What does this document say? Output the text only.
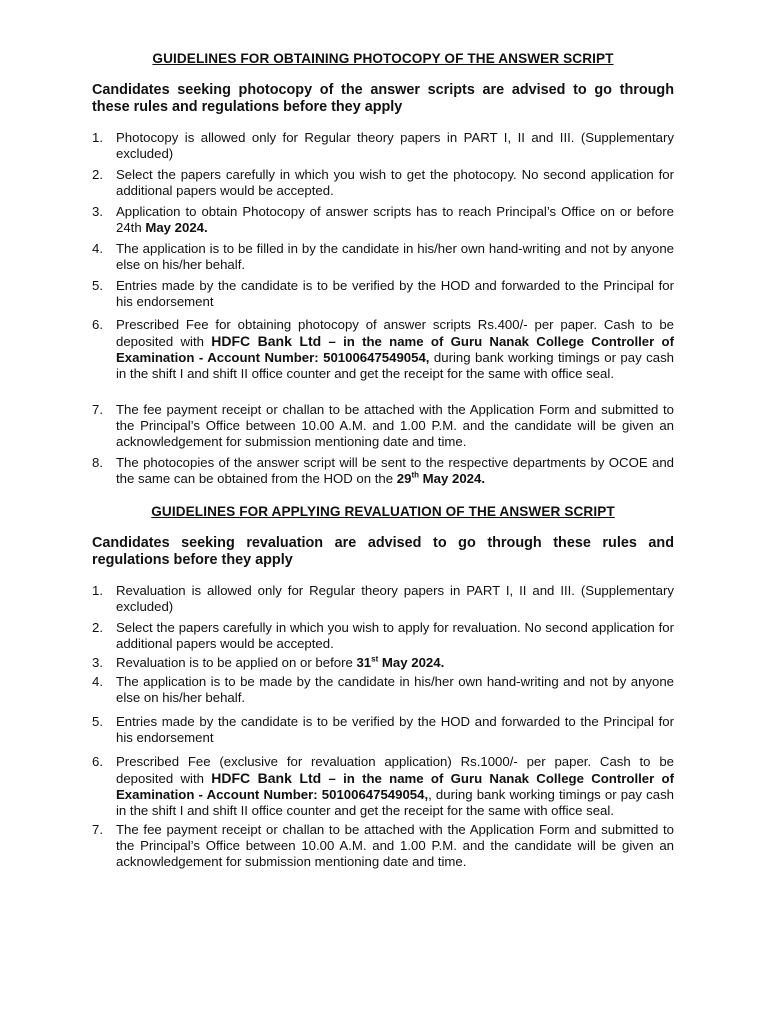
GUIDELINES FOR OBTAINING PHOTOCOPY OF THE ANSWER SCRIPT

Candidates seeking photocopy of the answer scripts are advised to go through these rules and regulations before they apply

1. Photocopy is allowed only for Regular theory papers in PART I, II and III. (Supplementary excluded)
2. Select the papers carefully in which you wish to get the photocopy. No second application for additional papers would be accepted.
3. Application to obtain Photocopy of answer scripts has to reach Principal’s Office on or before 24th May 2024.
4. The application is to be filled in by the candidate in his/her own hand-writing and not by anyone else on his/her behalf.
5. Entries made by the candidate is to be verified by the HOD and forwarded to the Principal for his endorsement
6. Prescribed Fee for obtaining photocopy of answer scripts Rs.400/- per paper. Cash to be deposited with HDFC Bank Ltd – in the name of Guru Nanak College Controller of Examination - Account Number: 50100647549054, during bank working timings or pay cash in the shift I and shift II office counter and get the receipt for the same with office seal.
7. The fee payment receipt or challan to be attached with the Application Form and submitted to the Principal’s Office between 10.00 A.M. and 1.00 P.M. and the candidate will be given an acknowledgement for submission mentioning date and time.
8. The photocopies of the answer script will be sent to the respective departments by OCOE and the same can be obtained from the HOD on the 29th May 2024.
GUIDELINES FOR APPLYING REVALUATION OF THE ANSWER SCRIPT

Candidates seeking revaluation are advised to go through these rules and regulations before they apply

1. Revaluation is allowed only for Regular theory papers in PART I, II and III. (Supplementary excluded)
2. Select the papers carefully in which you wish to apply for revaluation. No second application for additional papers would be accepted.
3. Revaluation is to be applied on or before 31st May 2024.
4. The application is to be made by the candidate in his/her own hand-writing and not by anyone else on his/her behalf.
5. Entries made by the candidate is to be verified by the HOD and forwarded to the Principal for his endorsement
6. Prescribed Fee (exclusive for revaluation application) Rs.1000/- per paper. Cash to be deposited with HDFC Bank Ltd – in the name of Guru Nanak College Controller of Examination - Account Number: 50100647549054,, during bank working timings or pay cash in the shift I and shift II office counter and get the receipt for the same with office seal.
7. The fee payment receipt or challan to be attached with the Application Form and submitted to the Principal’s Office between 10.00 A.M. and 1.00 P.M. and the candidate will be given an acknowledgement for submission mentioning date and time.
